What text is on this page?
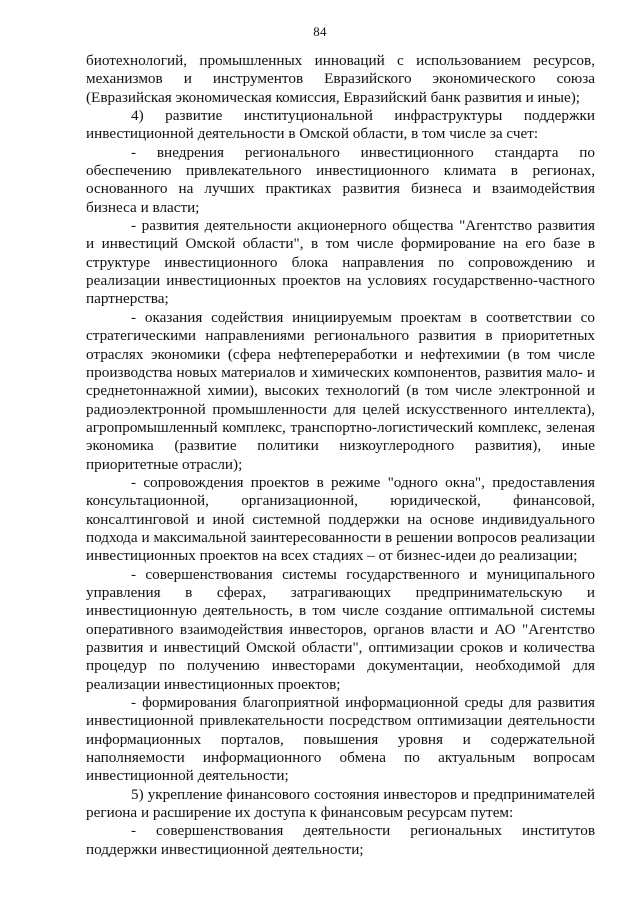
84

биотехнологий, промышленных инноваций с использованием ресурсов, механизмов и инструментов Евразийского экономического союза (Евразийская экономическая комиссия, Евразийский банк развития и иные);

4) развитие институциональной инфраструктуры поддержки инвестиционной деятельности в Омской области, в том числе за счет:

- внедрения регионального инвестиционного стандарта по обеспечению привлекательного инвестиционного климата в регионах, основанного на лучших практиках развития бизнеса и взаимодействия бизнеса и власти;

- развития деятельности акционерного общества "Агентство развития и инвестиций Омской области", в том числе формирование на его базе в структуре инвестиционного блока направления по сопровождению и реализации инвестиционных проектов на условиях государственно-частного партнерства;

- оказания содействия инициируемым проектам в соответствии со стратегическими направлениями регионального развития в приоритетных отраслях экономики (сфера нефтепереработки и нефтехимии (в том числе производства новых материалов и химических компонентов, развития мало- и среднетоннажной химии), высоких технологий (в том числе электронной и радиоэлектронной промышленности для целей искусственного интеллекта), агропромышленный комплекс, транспортно-логистический комплекс, зеленая экономика (развитие политики низкоуглеродного развития), иные приоритетные отрасли);

- сопровождения проектов в режиме "одного окна", предоставления консультационной, организационной, юридической, финансовой, консалтинговой и иной системной поддержки на основе индивидуального подхода и максимальной заинтересованности в решении вопросов реализации инвестиционных проектов на всех стадиях – от бизнес-идеи до реализации;

- совершенствования системы государственного и муниципального управления в сферах, затрагивающих предпринимательскую и инвестиционную деятельность, в том числе создание оптимальной системы оперативного взаимодействия инвесторов, органов власти и АО "Агентство развития и инвестиций Омской области", оптимизации сроков и количества процедур по получению инвесторами документации, необходимой для реализации инвестиционных проектов;

- формирования благоприятной информационной среды для развития инвестиционной привлекательности посредством оптимизации деятельности информационных порталов, повышения уровня и содержательной наполняемости информационного обмена по актуальным вопросам инвестиционной деятельности;

5) укрепление финансового состояния инвесторов и предпринимателей региона и расширение их доступа к финансовым ресурсам путем:

- совершенствования деятельности региональных институтов поддержки инвестиционной деятельности;
